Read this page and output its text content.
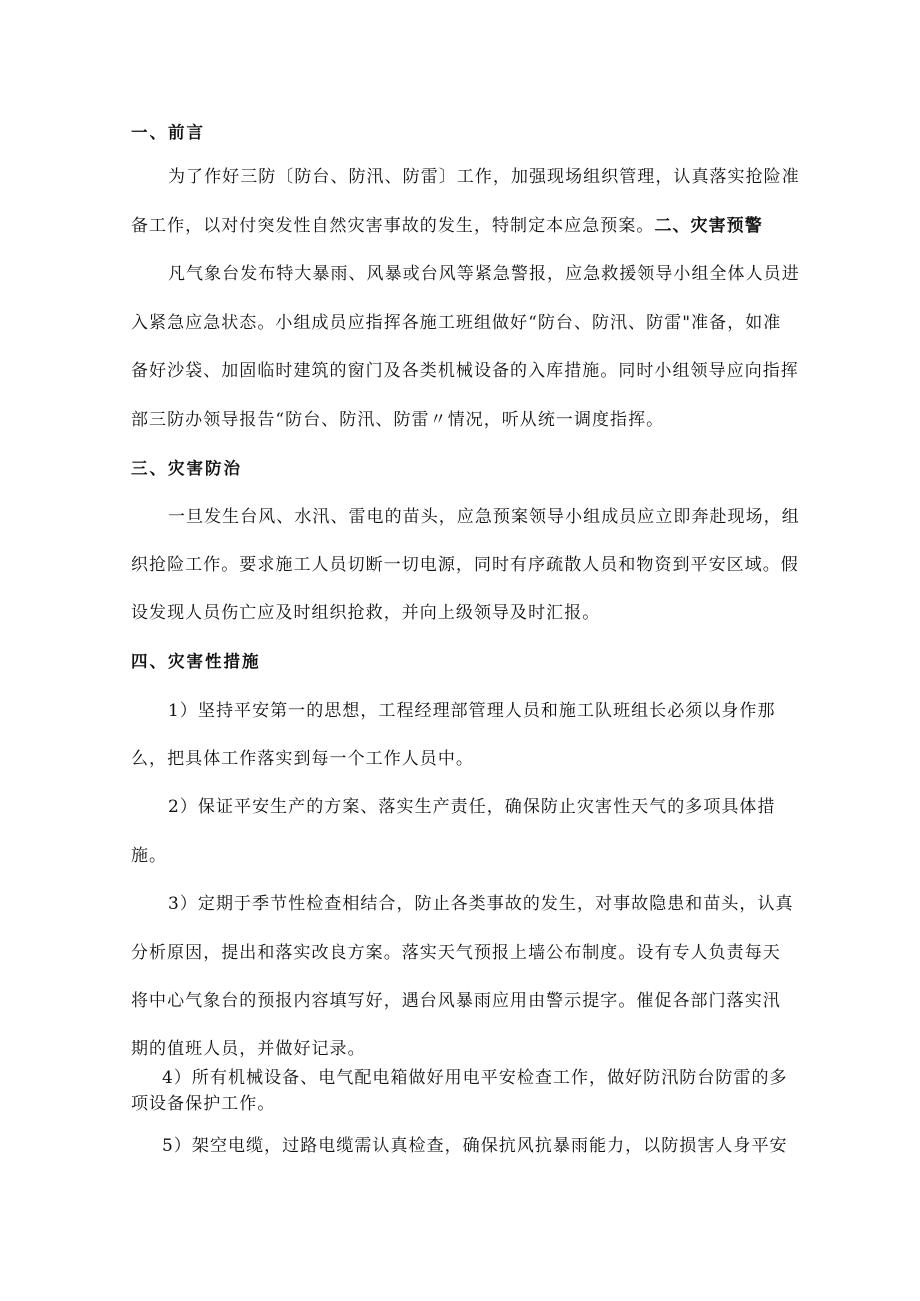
一、前言
为了作好三防〔防台、防汛、防雷〕工作，加强现场组织管理，认真落实抢险准
备工作，以对付突发性自然灾害事故的发生，特制定本应急预案。二、灾害预警
凡气象台发布特大暴雨、风暴或台风等紧急警报，应急救援领导小组全体人员进
入紧急应急状态。小组成员应指挥各施工班组做好“防台、防汛、防雷"准备，如准
备好沙袋、加固临时建筑的窗门及各类机械设备的入库措施。同时小组领导应向指挥
部三防办领导报告“防台、防汛、防雷〃情况，听从统一调度指挥。
三、灾害防治
一旦发生台风、水汛、雷电的苗头，应急预案领导小组成员应立即奔赴现场，组
织抢险工作。要求施工人员切断一切电源，同时有序疏散人员和物资到平安区域。假
设发现人员伤亡应及时组织抢救，并向上级领导及时汇报。
四、灾害性措施
1）坚持平安第一的思想，工程经理部管理人员和施工队班组长必须以身作那
么，把具体工作落实到每一个工作人员中。
2）保证平安生产的方案、落实生产责任，确保防止灾害性天气的多项具体措
施。
3）定期于季节性检查相结合，防止各类事故的发生，对事故隐患和苗头，认真
分析原因，提出和落实改良方案。落实天气预报上墙公布制度。设有专人负责每天
将中心气象台的预报内容填写好，遇台风暴雨应用由警示提字。催促各部门落实汛
期的值班人员，并做好记录。
4）所有机械设备、电气配电箱做好用电平安检查工作，做好防汛防台防雷的多
项设备保护工作。
5）架空电缆，过路电缆需认真检查，确保抗风抗暴雨能力，以防损害人身平安
